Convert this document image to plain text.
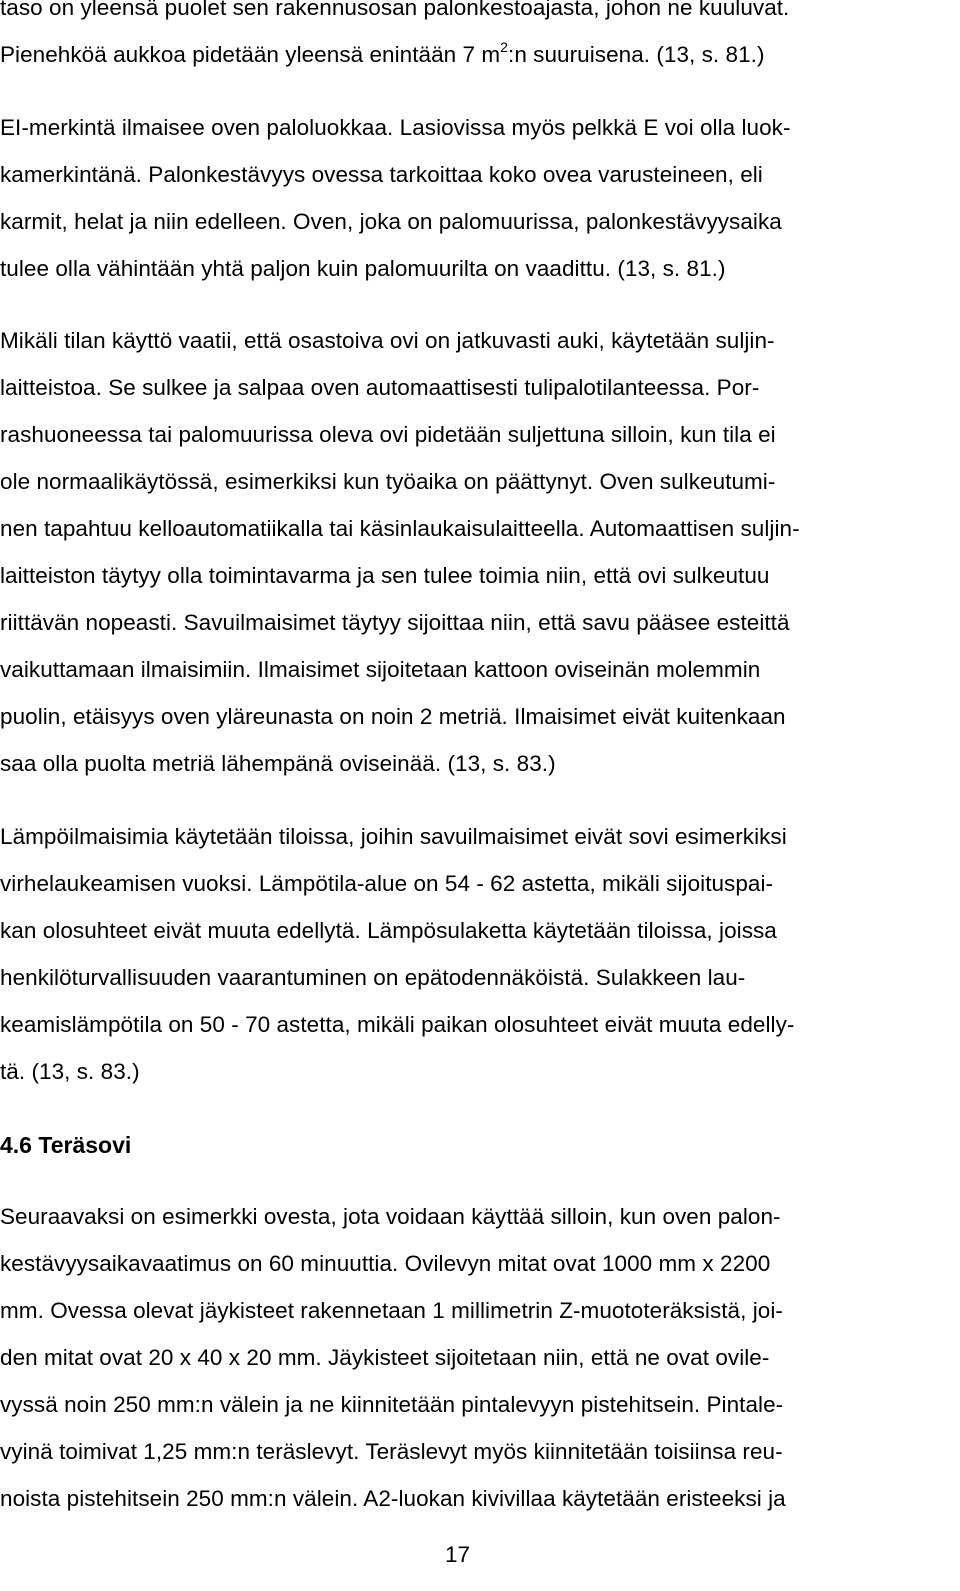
taso on yleensä puolet sen rakennusosan palonkestoajasta, johon ne kuuluvat.
Pienehköä aukkoa pidetään yleensä enintään 7 $m^2:n$ suuruisena. (13, s. 81.)
EI-merkintä ilmaisee oven paloluokkaa. Lasiovissa myös pelkkä E voi olla luok-
kamerkintänä. Palonkestävyys ovessa tarkoittaa koko ovea varusteineen, eli
karmit, helat ja niin edelleen. Oven, joka on palomuurissa, palonkestävyysaika
tulee olla vähintään yhtä paljon kuin palomuurilta on vaadittu. (13, s. 81.)
Mikäli tilan käyttö vaatii, että osastoiva ovi on jatkuvasti auki, käytetään suljin-
laitteistoa. Se sulkee ja salpaa oven automaattisesti tulipalotilanteessa. Por-
rashuoneessa tai palomuurissa oleva ovi pidetään suljettuna silloin, kun tila ei
ole normaalikäytössä, esimerkiksi kun työaika on päättynyt. Oven sulkeutumi-
nen tapahtuu kelloautomatiikalla tai käsinlaukaisulaitteella. Automaattisen suljin-
laitteiston täytyy olla toimintavarma ja sen tulee toimia niin, että ovi sulkeutuu
riittävän nopeasti. Savuilmaisimet täytyy sijoittaa niin, että savu pääsee esteittä
vaikuttamaan ilmaisimiin. Ilmaisimet sijoitetaan kattoon oviseinän molemmin
puolin, etäisyys oven yläreunasta on noin 2 metriä. Ilmaisimet eivät kuitenkaan
saa olla puolta metriä lähempänä oviseinää. (13, s. 83.)
Lämpöilmaisimia käytetään tiloissa, joihin savuilmaisimet eivät sovi esimerkiksi
virhelaukeamisen vuoksi. Lämpötila-alue on 54 - 62 astetta, mikäli sijoituspai-
kan olosuhteet eivät muuta edellytä. Lämpösulaketta käytetään tiloissa, joissa
henkilöturvallisuuden vaarantuminen on epätodennäköistä. Sulakkeen lau-
keamislämpötila on 50 - 70 astetta, mikäli paikan olosuhteet eivät muuta edelly-
tä. (13, s. 83.)
4.6 Teräsovi
Seuraavaksi on esimerkki ovesta, jota voidaan käyttää silloin, kun oven palon-
kestävyysaikavaatimus on 60 minuuttia. Ovilevyn mitat ovat 1000 mm x 2200
mm. Ovessa olevat jäykisteet rakennetaan 1 millimetrin Z-muototeräksistä, joi-
den mitat ovat 20 x 40 x 20 mm. Jäykisteet sijoitetaan niin, että ne ovat ovile-
vyssä noin 250 mm:n välein ja ne kiinnitetään pintalevyyn pistehitsein. Pintale-
vyinä toimivat 1,25 mm:n teräslevyt. Teräslevyt myös kiinnitetään toisiinsa reu-
noista pistehitsein 250 mm:n välein. A2-luokan kivivillaa käytetään eristeeksi ja
17
